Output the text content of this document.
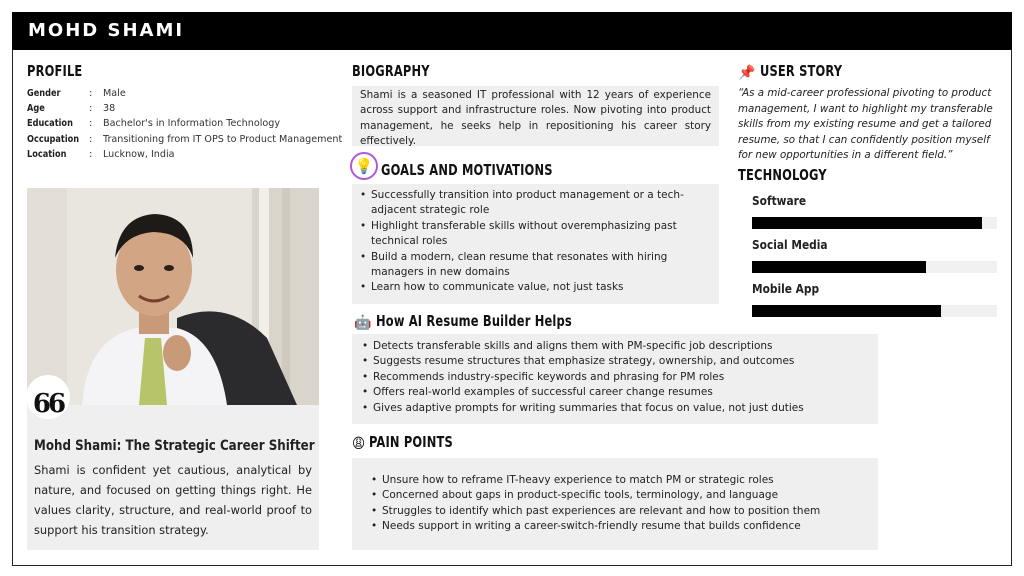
MOHD SHAMI
PROFILE
Gender	:	Male
Age	:	38
Education	:	Bachelor's in Information Technology
Occupation :	Transitioning from IT OPS to Product Management
Location	:	Lucknow, India
66
Mohd Shami: The Strategic Career Shifter
Shami is confident yet cautious, analytical by nature, and focused on getting things right. He values clarity, structure, and real-world proof to support his transition strategy.
BIOGRAPHY
Shami is a seasoned IT professional with 12 years of experience across support and infrastructure roles. Now pivoting into product management, he seeks help in repositioning his career story effectively.
💡 GOALS AND MOTIVATIONS
• Successfully transition into product management or a tech-adjacent strategic role
• Highlight transferable skills without overemphasizing past technical roles
• Build a modern, clean resume that resonates with hiring managers in new domains
• Learn how to communicate value, not just tasks
🤖 How AI Resume Builder Helps
• Detects transferable skills and aligns them with PM-specific job descriptions
• Suggests resume structures that emphasize strategy, ownership, and outcomes
• Recommends industry-specific keywords and phrasing for PM roles
• Offers real-world examples of successful career change resumes
• Gives adaptive prompts for writing summaries that focus on value, not just duties
😩 PAIN POINTS
• Unsure how to reframe IT-heavy experience to match PM or strategic roles
• Concerned about gaps in product-specific tools, terminology, and language
• Struggles to identify which past experiences are relevant and how to position them
• Needs support in writing a career-switch-friendly resume that builds confidence
📌 USER STORY
“As a mid-career professional pivoting to product management, I want to highlight my transferable skills from my existing resume and get a tailored resume, so that I can confidently position myself for new opportunities in a different field.”
TECHNOLOGY
Software
Social Media
Mobile App
